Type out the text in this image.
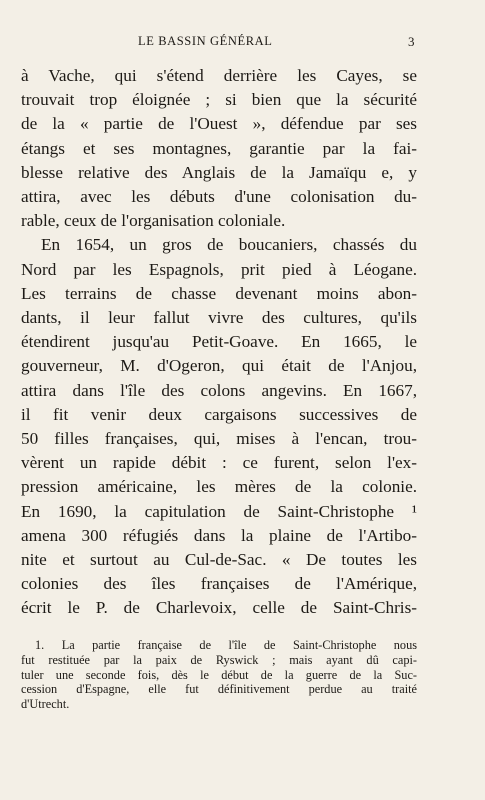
LE BASSIN GÉNÉRAL	3
à Vache, qui s'étend derrière les Cayes, se
trouvait trop éloignée ; si bien que la sécurité
de la « partie de l'Ouest », défendue par ses
étangs et ses montagnes, garantie par la fai-
blesse relative des Anglais de la Jamaïqu e, y
attira, avec les débuts d'une colonisation du-
rable, ceux de l'organisation coloniale.
En 1654, un gros de boucaniers, chassés du
Nord par les Espagnols, prit pied à Léogane.
Les terrains de chasse devenant moins abon-
dants, il leur fallut vivre des cultures, qu'ils
étendirent jusqu'au Petit-Goave. En 1665, le
gouverneur, M. d'Ogeron, qui était de l'Anjou,
attira dans l'île des colons angevins. En 1667,
il fit venir deux cargaisons successives de
50 filles françaises, qui, mises à l'encan, trou-
vèrent un rapide débit : ce furent, selon l'ex-
pression américaine, les mères de la colonie.
En 1690, la capitulation de Saint-Christophe ¹
amena 300 réfugiés dans la plaine de l'Artibo-
nite et surtout au Cul-de-Sac. « De toutes les
colonies des îles françaises de l'Amérique,
écrit le P. de Charlevoix, celle de Saint-Chris-
1. La partie française de l'île de Saint-Christophe nous
fut restituée par la paix de Ryswick ; mais ayant dû capi-
tuler une seconde fois, dès le début de la guerre de la Suc-
cession d'Espagne, elle fut définitivement perdue au traité
d'Utrecht.
